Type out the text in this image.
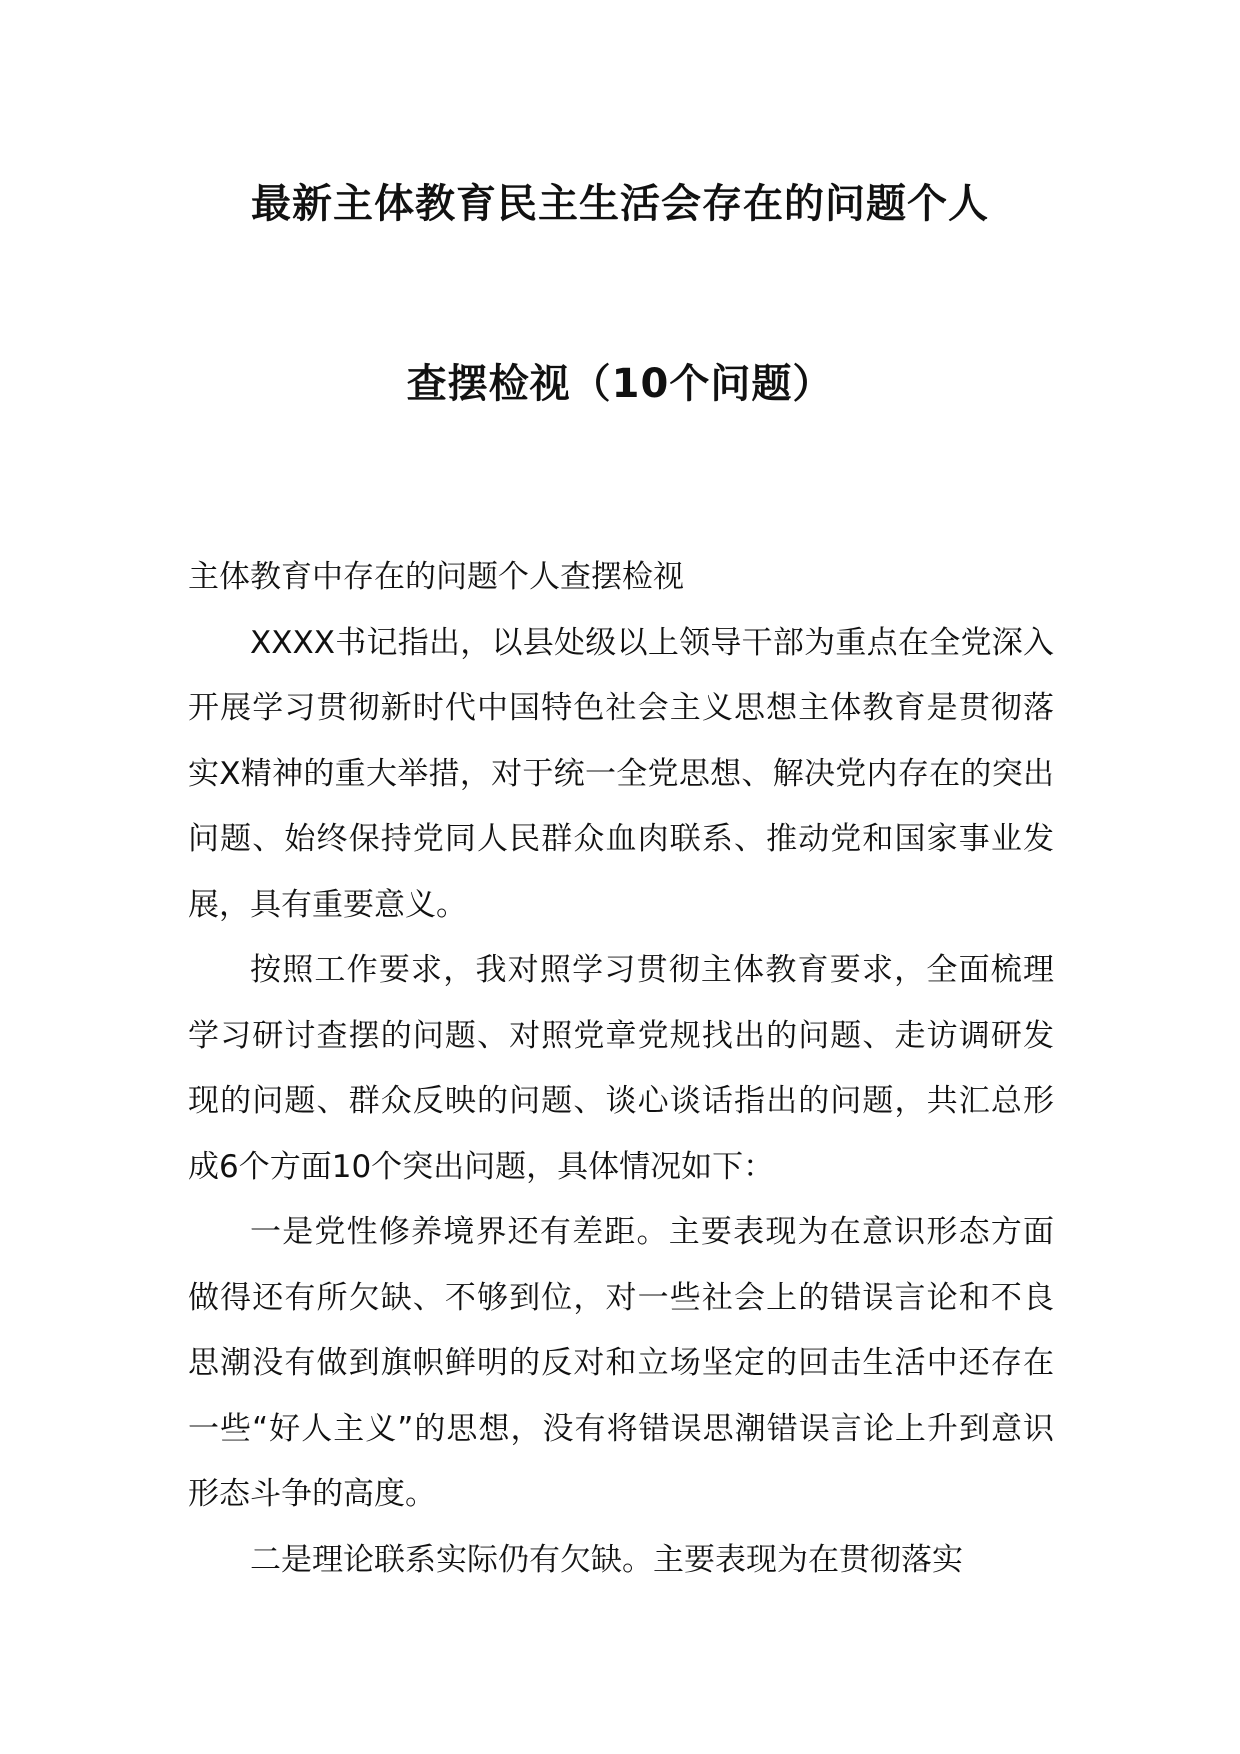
最新主体教育民主生活会存在的问题个人
查摆检视（10个问题）

主体教育中存在的问题个人查摆检视

XXXX书记指出，以县处级以上领导干部为重点在全党深入开展学习贯彻新时代中国特色社会主义思想主体教育是贯彻落实X精神的重大举措，对于统一全党思想、解决党内存在的突出问题、始终保持党同人民群众血肉联系、推动党和国家事业发展，具有重要意义。

按照工作要求，我对照学习贯彻主体教育要求，全面梳理学习研讨查摆的问题、对照党章党规找出的问题、走访调研发现的问题、群众反映的问题、谈心谈话指出的问题，共汇总形成6个方面10个突出问题，具体情况如下：

一是党性修养境界还有差距。主要表现为在意识形态方面做得还有所欠缺、不够到位，对一些社会上的错误言论和不良思潮没有做到旗帜鲜明的反对和立场坚定的回击生活中还存在一些“好人主义”的思想，没有将错误思潮错误言论上升到意识形态斗争的高度。

二是理论联系实际仍有欠缺。主要表现为在贯彻落实
